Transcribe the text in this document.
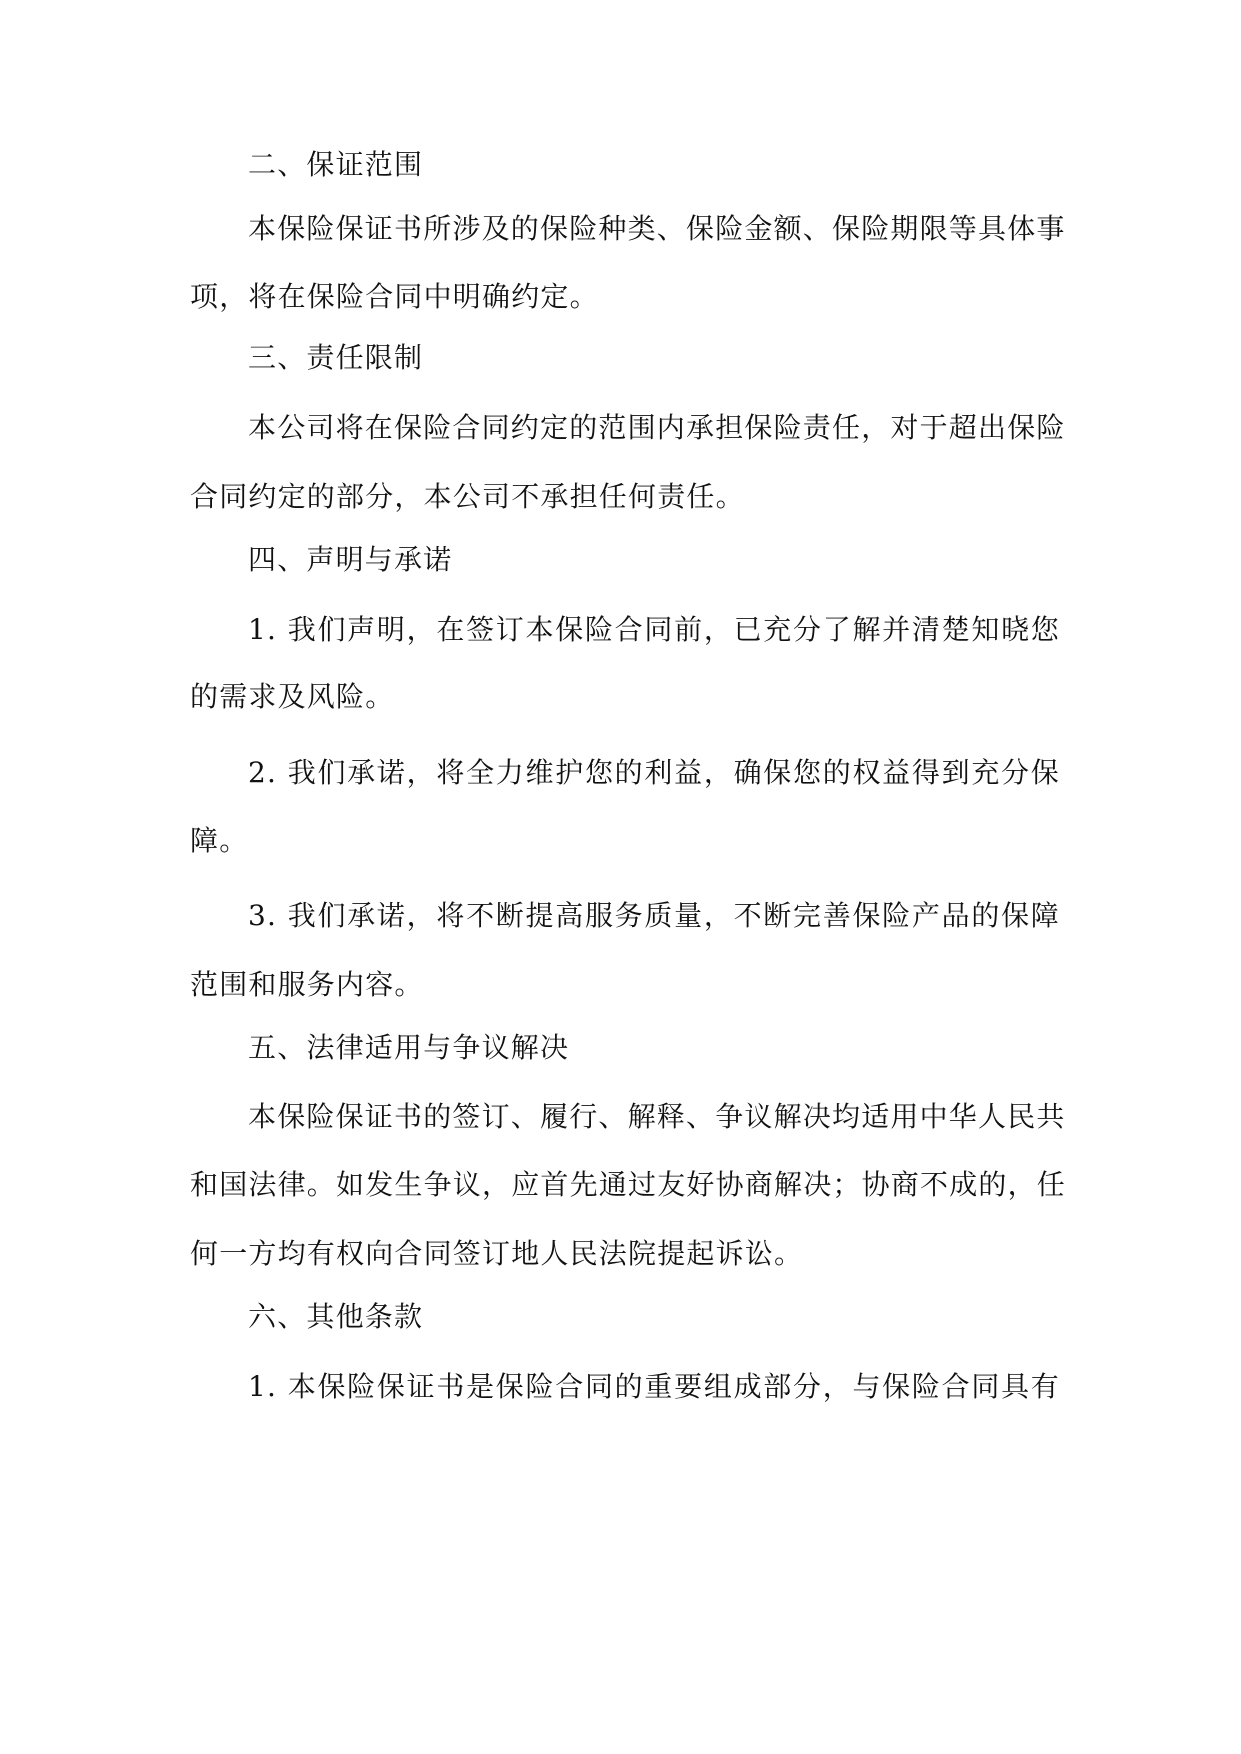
二、保证范围
本保险保证书所涉及的保险种类、保险金额、保险期限等具体事
项，将在保险合同中明确约定。
三、责任限制
本公司将在保险合同约定的范围内承担保险责任，对于超出保险
合同约定的部分，本公司不承担任何责任。
四、声明与承诺
1. 我们声明，在签订本保险合同前，已充分了解并清楚知晓您
的需求及风险。
2. 我们承诺，将全力维护您的利益，确保您的权益得到充分保
障。
3. 我们承诺，将不断提高服务质量，不断完善保险产品的保障
范围和服务内容。
五、法律适用与争议解决
本保险保证书的签订、履行、解释、争议解决均适用中华人民共
和国法律。如发生争议，应首先通过友好协商解决；协商不成的，任
何一方均有权向合同签订地人民法院提起诉讼。
六、其他条款
1. 本保险保证书是保险合同的重要组成部分，与保险合同具有
